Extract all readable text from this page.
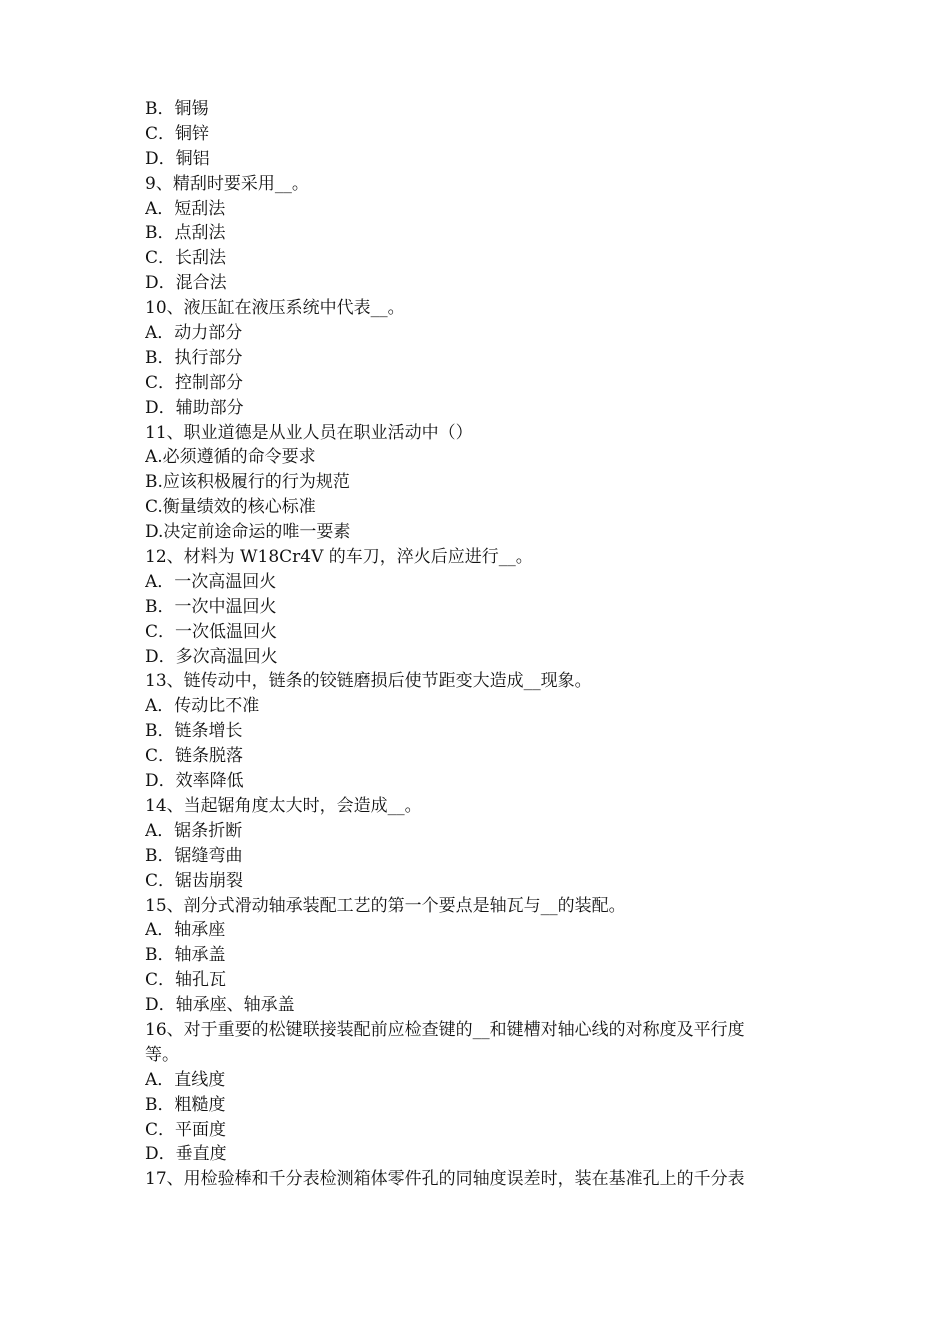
B．铜锡
C．铜锌
D．铜铝
9、精刮时要采用__。
A．短刮法
B．点刮法
C．长刮法
D．混合法
10、液压缸在液压系统中代表__。
A．动力部分
B．执行部分
C．控制部分
D．辅助部分
11、职业道德是从业人员在职业活动中（）
A.必须遵循的命令要求
B.应该积极履行的行为规范
C.衡量绩效的核心标准
D.决定前途命运的唯一要素
12、材料为 W18Cr4V 的车刀，淬火后应进行__。
A．一次高温回火
B．一次中温回火
C．一次低温回火
D．多次高温回火
13、链传动中，链条的铰链磨损后使节距变大造成__现象。
A．传动比不准
B．链条增长
C．链条脱落
D．效率降低
14、当起锯角度太大时，会造成__。
A．锯条折断
B．锯缝弯曲
C．锯齿崩裂
15、剖分式滑动轴承装配工艺的第一个要点是轴瓦与__的装配。
A．轴承座
B．轴承盖
C．轴孔瓦
D．轴承座、轴承盖
16、对于重要的松键联接装配前应检查键的__和键槽对轴心线的对称度及平行度
等。
A．直线度
B．粗糙度
C．平面度
D．垂直度
17、用检验棒和千分表检测箱体零件孔的同轴度误差时，装在基准孔上的千分表
